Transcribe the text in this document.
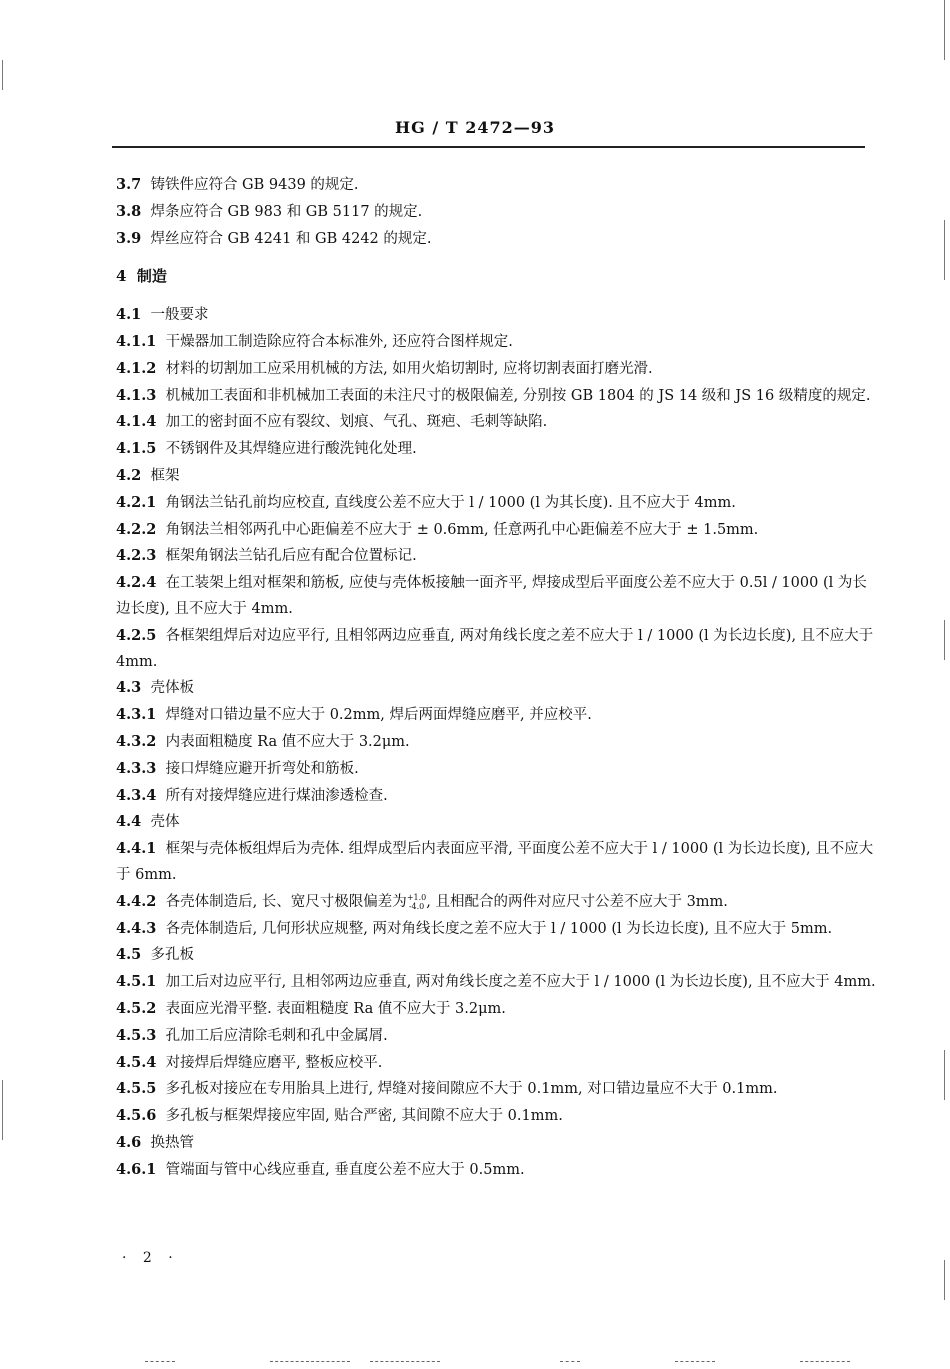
HG / T 2472—93
3.7 铸铁件应符合 GB 9439 的规定.
3.8 焊条应符合 GB 983 和 GB 5117 的规定.
3.9 焊丝应符合 GB 4241 和 GB 4242 的规定.
4 制造
4.1 一般要求
4.1.1 干燥器加工制造除应符合本标准外, 还应符合图样规定.
4.1.2 材料的切割加工应采用机械的方法, 如用火焰切割时, 应将切割表面打磨光滑.
4.1.3 机械加工表面和非机械加工表面的未注尺寸的极限偏差, 分别按 GB 1804 的 JS 14 级和 JS 16 级精度的规定.
4.1.4 加工的密封面不应有裂纹、划痕、气孔、斑疤、毛刺等缺陷.
4.1.5 不锈钢件及其焊缝应进行酸洗钝化处理.
4.2 框架
4.2.1 角钢法兰钻孔前均应校直, 直线度公差不应大于 l / 1000 (l 为其长度). 且不应大于 4mm.
4.2.2 角钢法兰相邻两孔中心距偏差不应大于 ± 0.6mm, 任意两孔中心距偏差不应大于 ± 1.5mm.
4.2.3 框架角钢法兰钻孔后应有配合位置标记.
4.2.4 在工装架上组对框架和筋板, 应使与壳体板接触一面齐平, 焊接成型后平面度公差不应大于 0.5l / 1000 (l 为长边长度), 且不应大于 4mm.
4.2.5 各框架组焊后对边应平行, 且相邻两边应垂直, 两对角线长度之差不应大于 l / 1000 (l 为长边长度), 且不应大于 4mm.
4.3 壳体板
4.3.1 焊缝对口错边量不应大于 0.2mm, 焊后两面焊缝应磨平, 并应校平.
4.3.2 内表面粗糙度 Ra 值不应大于 3.2μm.
4.3.3 接口焊缝应避开折弯处和筋板.
4.3.4 所有对接焊缝应进行煤油渗透检查.
4.4 壳体
4.4.1 框架与壳体板组焊后为壳体. 组焊成型后内表面应平滑, 平面度公差不应大于 l / 1000 (l 为长边长度), 且不应大于 6mm.
4.4.2 各壳体制造后, 长、宽尺寸极限偏差为 +1.0
-4.0 , 且相配合的两件对应尺寸公差不应大于 3mm.
4.4.3 各壳体制造后, 几何形状应规整, 两对角线长度之差不应大于 l / 1000 (l 为长边长度), 且不应大于 5mm.
4.5 多孔板
4.5.1 加工后对边应平行, 且相邻两边应垂直, 两对角线长度之差不应大于 l / 1000 (l 为长边长度), 且不应大于 4mm.
4.5.2 表面应光滑平整. 表面粗糙度 Ra 值不应大于 3.2μm.
4.5.3 孔加工后应清除毛刺和孔中金属屑.
4.5.4 对接焊后焊缝应磨平, 整板应校平.
4.5.5 多孔板对接应在专用胎具上进行, 焊缝对接间隙应不大于 0.1mm, 对口错边量应不大于 0.1mm.
4.5.6 多孔板与框架焊接应牢固, 贴合严密, 其间隙不应大于 0.1mm.
4.6 换热管
4.6.1 管端面与管中心线应垂直, 垂直度公差不应大于 0.5mm.
· 2 ·
